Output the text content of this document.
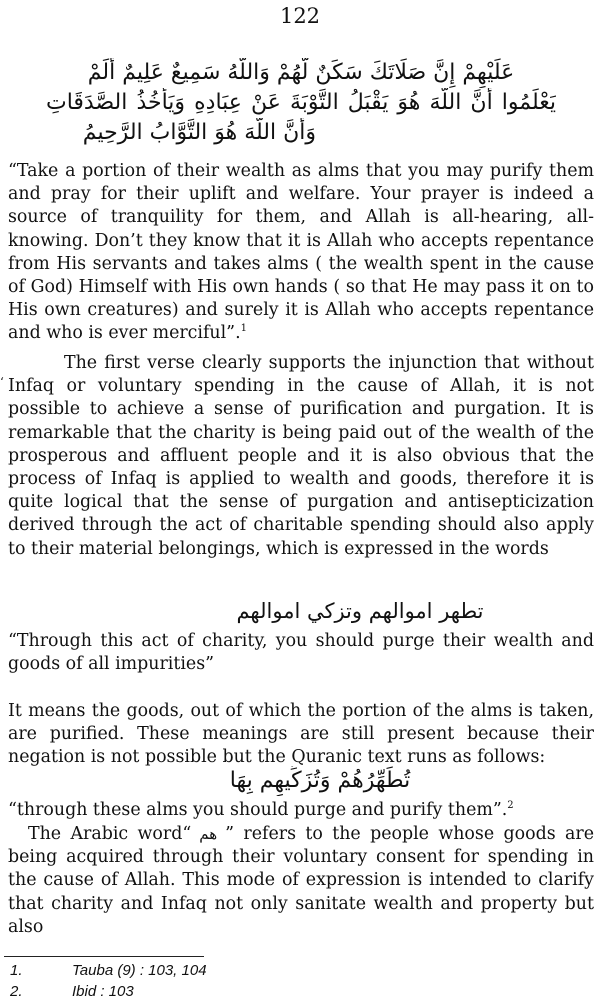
122
عَلَيْهِمْ إِنَّ صَلَاتَكَ سَكَنٌ لَّهُمْ وَاللَّهُ سَمِيعٌ عَلِيمٌ أَلَمْ
يَعْلَمُوا أَنَّ اللَّهَ هُوَ يَقْبَلُ التَّوْبَةَ عَنْ عِبَادِهِ وَيَأْخُذُ الصَّدَقَاتِ
وَأَنَّ اللَّهَ هُوَ التَّوَّابُ الرَّحِيمُ

“Take a portion of their wealth as alms that you may purify them and pray for their uplift and welfare. Your prayer is indeed a source of tranquility for them, and Allah is all-hearing, all-knowing. Don’t they know that it is Allah who accepts repentance from His servants and takes alms ( the wealth spent in the cause of God) Himself with His own hands ( so that He may pass it on to His own creatures) and surely it is Allah who accepts repentance and who is ever merciful”.$^1$

‘

The first verse clearly supports the injunction that without Infaq or voluntary spending in the cause of Allah, it is not possible to achieve a sense of purification and purgation. It is remarkable that the charity is being paid out of the wealth of the prosperous and affluent people and it is also obvious that the process of Infaq is applied to wealth and goods, therefore it is quite logical that the sense of purgation and antisepticization derived through the act of charitable spending should also apply to their material belongings, which is expressed in the words

تطهر اموالهم وتزكي اموالهم

“Through this act of charity, you should purge their wealth and goods of all impurities”

It means the goods, out of which the portion of the alms is taken, are purified. These meanings are still present because their negation is not possible but the Quranic text runs as follows:

تُطَهِّرُهُمْ وَتُزَكِّيهِم بِهَا

“through these alms you should purge and purify them”.$^2$

The Arabic word“ هم ” refers to the people whose goods are being acquired through their voluntary consent for spending in the cause of Allah. This mode of expression is intended to clarify that charity and Infaq not only sanitate wealth and property but also

1.	Tauba (9) : 103, 104
2.	Ibid : 103
